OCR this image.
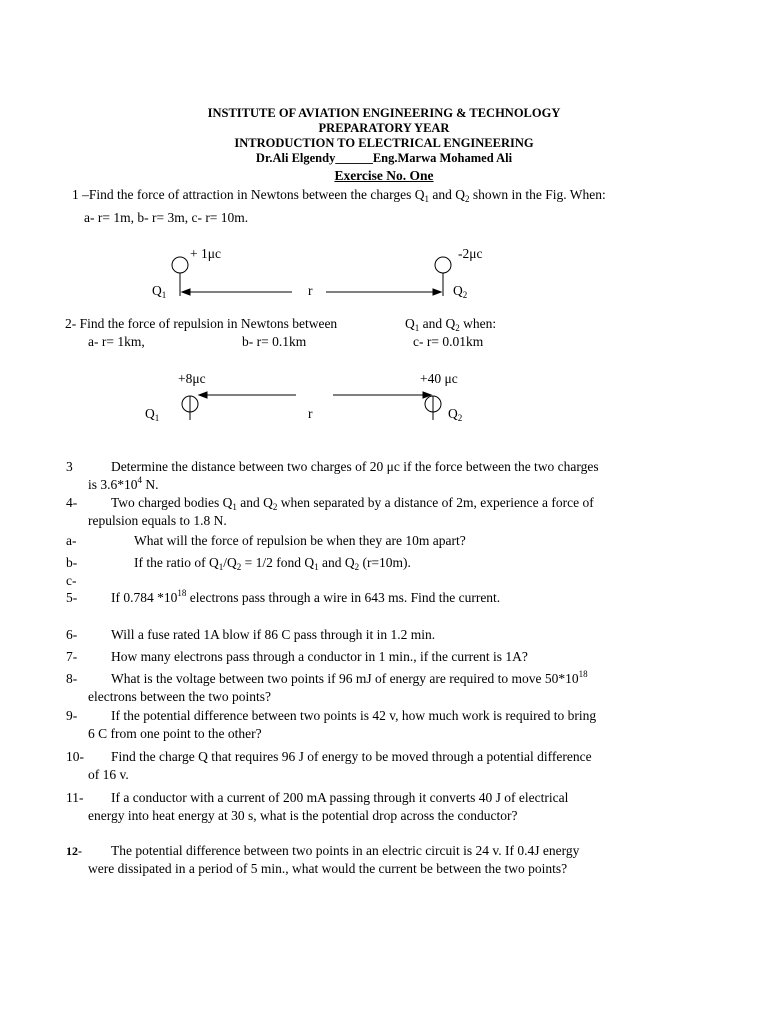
INSTITUTE OF AVIATION ENGINEERING & TECHNOLOGY
PREPARATORY YEAR
INTRODUCTION TO ELECTRICAL ENGINEERING
Dr.Ali Elgendy______Eng.Marwa Mohamed Ali
Exercise No. One
1 –Find the force of attraction in Newtons between the charges $Q_1$ and $Q_2$ shown in the Fig. When:
a- r= 1m, b- r= 3m, c- r= 10m.
+ 1μc	-2μc
$Q_1$	r	$Q_2$
2- Find the force of repulsion in Newtons between	$Q_1$ and $Q_2$ when:
a- r= 1km,	b- r= 0.1km	c- r= 0.01km
+8μc	+40 μc
$Q_1$	r	$Q_2$
3	Determine the distance between two charges of 20 μc if the force between the two charges
is $3.6*10^4$ N.
4-	Two charged bodies $Q_1$ and $Q_2$ when separated by a distance of 2m, experience a force of
repulsion equals to 1.8 N.
a-	What will the force of repulsion be when they are 10m apart?
b-	If the ratio of $Q_1/Q_2 = 1/2$ fond $Q_1$ and $Q_2$ (r=10m).
c-
5-	If 0.784 $*10^{18}$ electrons pass through a wire in 643 ms. Find the current.
6-	Will a fuse rated 1A blow if 86 C pass through it in 1.2 min.
7-	How many electrons pass through a conductor in 1 min., if the current is 1A?
8-	What is the voltage between two points if 96 mJ of energy are required to move $50*10^{18}$
electrons between the two points?
9-	If the potential difference between two points is 42 v, how much work is required to bring
6 C from one point to the other?
10- Find the charge Q that requires 96 J of energy to be moved through a potential difference
of 16 v.
11- If a conductor with a current of 200 mA passing through it converts 40 J of electrical
energy into heat energy at 30 s, what is the potential drop across the conductor?
12- The potential difference between two points in an electric circuit is 24 v. If 0.4J energy
were dissipated in a period of 5 min., what would the current be between the two points?
